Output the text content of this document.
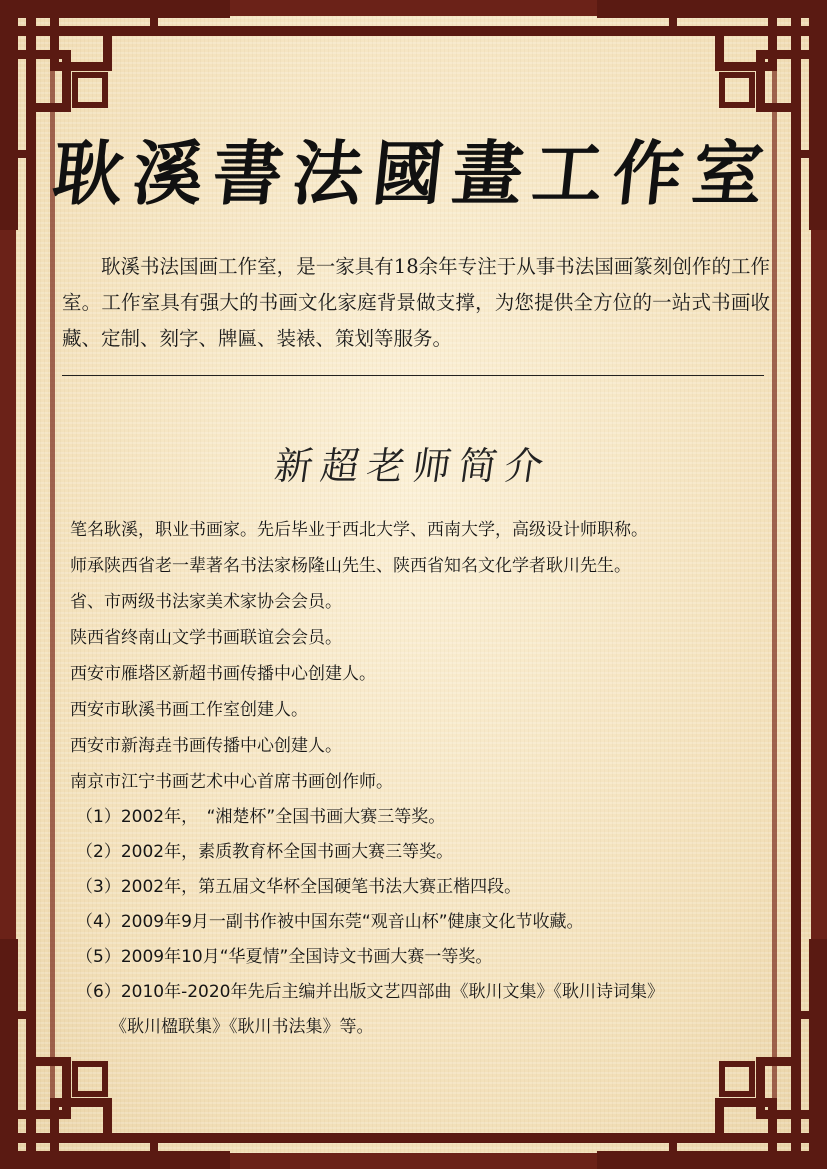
耿溪書法國畫工作室
耿溪书法国画工作室，是一家具有18余年专注于从事书法国画篆刻创作的工作室。工作室具有强大的书画文化家庭背景做支撑，为您提供全方位的一站式书画收藏、定制、刻字、牌匾、装裱、策划等服务。
新超老师简介
笔名耿溪，职业书画家。先后毕业于西北大学、西南大学，高级设计师职称。
师承陕西省老一辈著名书法家杨隆山先生、陕西省知名文化学者耿川先生。
省、市两级书法家美术家协会会员。
陕西省终南山文学书画联谊会会员。
西安市雁塔区新超书画传播中心创建人。
西安市耿溪书画工作室创建人。
西安市新海垚书画传播中心创建人。
南京市江宁书画艺术中心首席书画创作师。
（1）2002年，　“湘楚杯”全国书画大赛三等奖。
（2）2002年，素质教育杯全国书画大赛三等奖。
（3）2002年，第五届文华杯全国硬笔书法大赛正楷四段。
（4）2009年9月一副书作被中国东莞“观音山杯”健康文化节收藏。
（5）2009年10月“华夏情”全国诗文书画大赛一等奖。
（6）2010年-2020年先后主编并出版文艺四部曲《耿川文集》《耿川诗词集》
《耿川楹联集》《耿川书法集》等。
